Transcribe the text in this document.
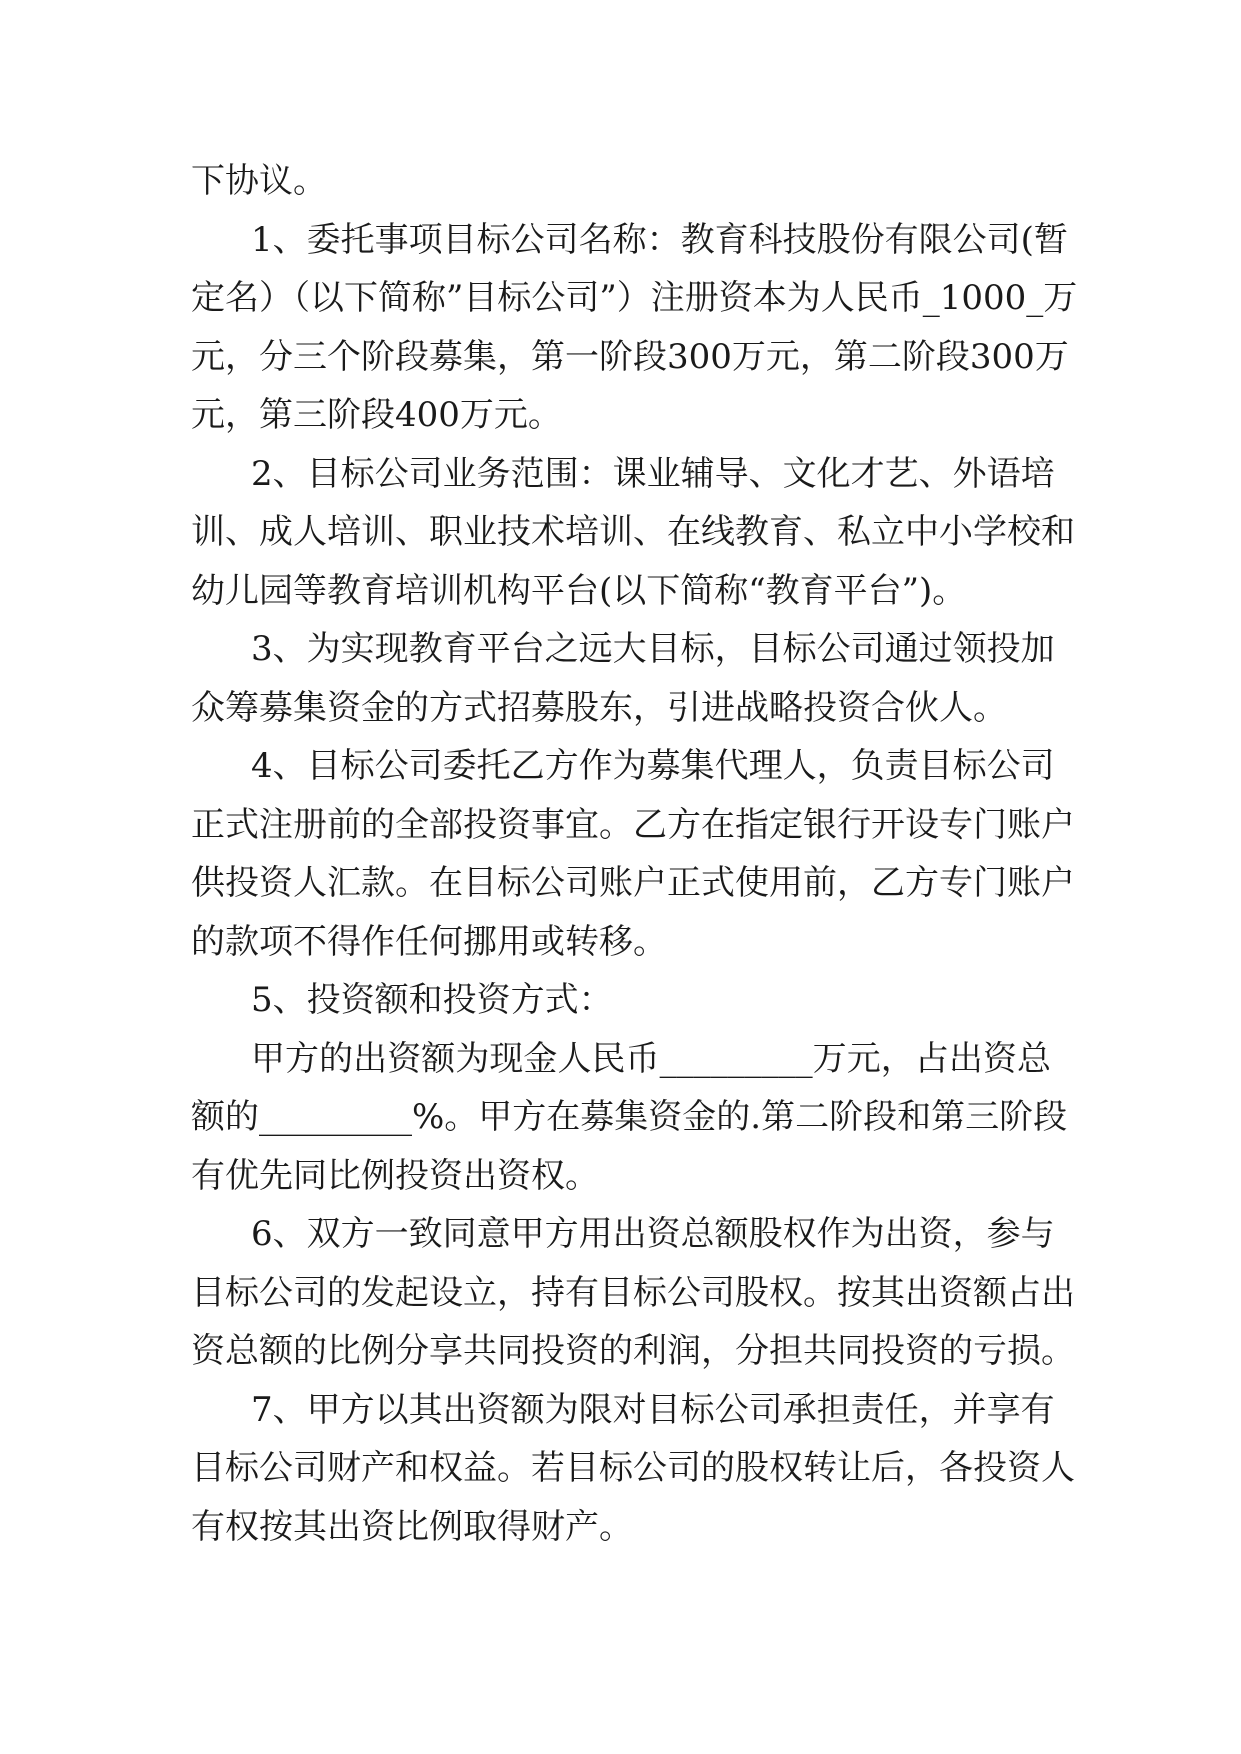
下协议。
1、委托事项目标公司名称：教育科技股份有限公司(暂
定名）（以下简称”目标公司”）注册资本为人民币_1000_万
元，分三个阶段募集，第一阶段300万元，第二阶段300万
元，第三阶段400万元。
2、目标公司业务范围：课业辅导、文化才艺、外语培
训、成人培训、职业技术培训、在线教育、私立中小学校和
幼儿园等教育培训机构平台(以下简称“教育平台”)。
3、为实现教育平台之远大目标，目标公司通过领投加
众筹募集资金的方式招募股东，引进战略投资合伙人。
4、目标公司委托乙方作为募集代理人，负责目标公司
正式注册前的全部投资事宜。乙方在指定银行开设专门账户
供投资人汇款。在目标公司账户正式使用前，乙方专门账户
的款项不得作任何挪用或转移。
5、投资额和投资方式：
甲方的出资额为现金人民币_________万元，占出资总
额的_________%。甲方在募集资金的.第二阶段和第三阶段
有优先同比例投资出资权。
6、双方一致同意甲方用出资总额股权作为出资，参与
目标公司的发起设立，持有目标公司股权。按其出资额占出
资总额的比例分享共同投资的利润，分担共同投资的亏损。
7、甲方以其出资额为限对目标公司承担责任，并享有
目标公司财产和权益。若目标公司的股权转让后，各投资人
有权按其出资比例取得财产。
